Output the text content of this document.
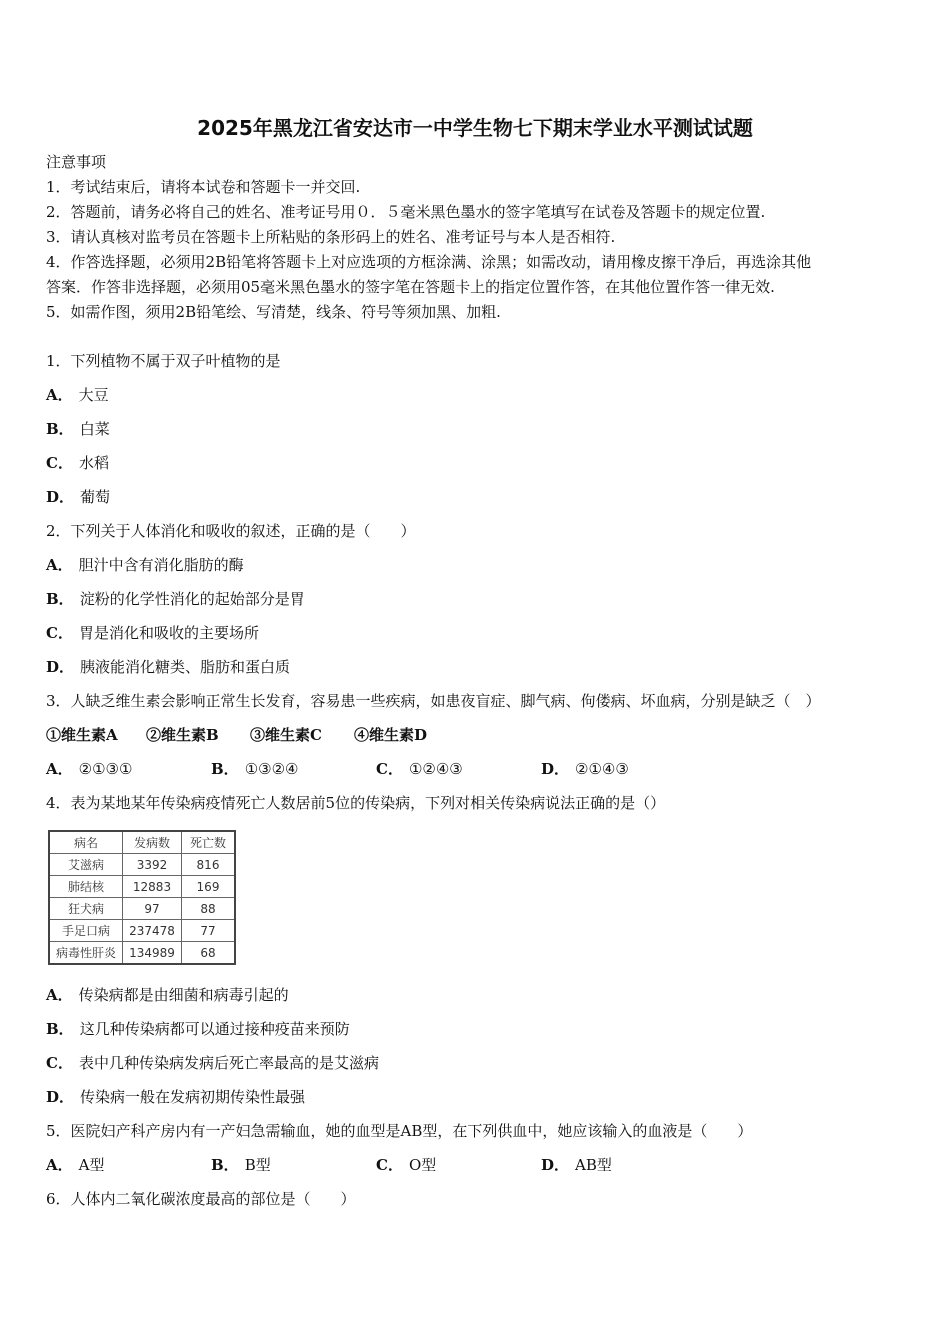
2025年黑龙江省安达市一中学生物七下期末学业水平测试试题
注意事项
1．考试结束后，请将本试卷和答题卡一并交回.
2．答题前，请务必将自己的姓名、准考证号用０．５毫米黑色墨水的签字笔填写在试卷及答题卡的规定位置.
3．请认真核对监考员在答题卡上所粘贴的条形码上的姓名、准考证号与本人是否相符.
4．作答选择题，必须用2B铅笔将答题卡上对应选项的方框涂满、涂黑；如需改动，请用橡皮擦干净后，再选涂其他
答案．作答非选择题，必须用05毫米黑色墨水的签字笔在答题卡上的指定位置作答，在其他位置作答一律无效.
5．如需作图，须用2B铅笔绘、写清楚，线条、符号等须加黑、加粗.
1．下列植物不属于双子叶植物的是
A． 大豆
B． 白菜
C． 水稻
D． 葡萄
2．下列关于人体消化和吸收的叙述，正确的是（　　）
A． 胆汁中含有消化脂肪的酶
B． 淀粉的化学性消化的起始部分是胃
C． 胃是消化和吸收的主要场所
D． 胰液能消化糖类、脂肪和蛋白质
3．人缺乏维生素会影响正常生长发育，容易患一些疾病，如患夜盲症、脚气病、佝偻病、坏血病，分别是缺乏（　）
①维生素A ②维生素B ③维生素C ④维生素D
A． ②①③①	B． ①③②④	C． ①②④③	D． ②①④③
4．表为某地某年传染病疫情死亡人数居前5位的传染病，下列对相关传染病说法正确的是（）
病名	发病数	死亡数
艾滋病	3392	816
肺结核	12883	169
狂犬病	97	88
手足口病	237478	77
病毒性肝炎	134989	68
A． 传染病都是由细菌和病毒引起的
B． 这几种传染病都可以通过接种疫苗来预防
C． 表中几种传染病发病后死亡率最高的是艾滋病
D． 传染病一般在发病初期传染性最强
5．医院妇产科产房内有一产妇急需输血，她的血型是AB型，在下列供血中，她应该输入的血液是（　　）
A． A型	B． B型	C． O型	D． AB型
6．人体内二氧化碳浓度最高的部位是（　　）
